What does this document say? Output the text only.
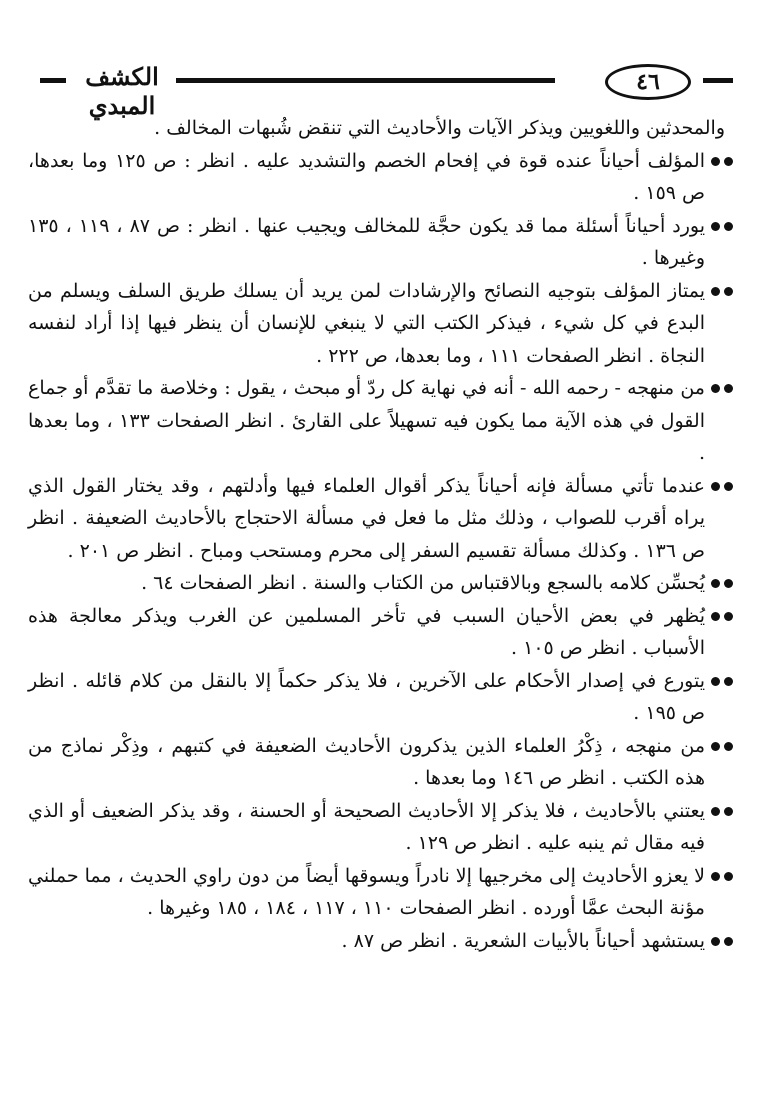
الكشف المبدي
٤٦

والمحدثين واللغويين ويذكر الآيات والأحاديث التي تنقض شُبهات المخالف .

المؤلف أحياناً عنده قوة في إفحام الخصم والتشديد عليه . انظر : ص ١٢٥ وما بعدها، ص ١٥٩ .
يورد أحياناً أسئلة مما قد يكون حجَّة للمخالف ويجيب عنها . انظر : ص ٨٧ ، ١١٩ ، ١٣٥ وغيرها .
يمتاز المؤلف بتوجيه النصائح والإرشادات لمن يريد أن يسلك طريق السلف ويسلم من البدع في كل شيء ، فيذكر الكتب التي لا ينبغي للإنسان أن ينظر فيها إذا أراد لنفسه النجاة . انظر الصفحات ١١١ ، وما بعدها، ص ٢٢٢ .
من منهجه - رحمه الله - أنه في نهاية كل ردّ أو مبحث ، يقول : وخلاصة ما تقدَّم أو جماع القول في هذه الآية مما يكون فيه تسهيلاً على القارئ . انظر الصفحات ١٣٣ ، وما بعدها .
عندما تأتي مسألة فإنه أحياناً يذكر أقوال العلماء فيها وأدلتهم ، وقد يختار القول الذي يراه أقرب للصواب ، وذلك مثل ما فعل في مسألة الاحتجاج بالأحاديث الضعيفة . انظر ص ١٣٦ . وكذلك مسألة تقسيم السفر إلى محرم ومستحب ومباح . انظر ص ٢٠١ .
يُحسِّن كلامه بالسجع وبالاقتباس من الكتاب والسنة . انظر الصفحات ٦٤ .
يُظهر في بعض الأحيان السبب في تأخر المسلمين عن الغرب ويذكر معالجة هذه الأسباب . انظر ص ١٠٥ .
يتورع في إصدار الأحكام على الآخرين ، فلا يذكر حكماً إلا بالنقل من كلام قائله . انظر ص ١٩٥ .
من منهجه ، ذِكْرُ العلماء الذين يذكرون الأحاديث الضعيفة في كتبهم ، وذِكْر نماذج من هذه الكتب . انظر ص ١٤٦ وما بعدها .
يعتني بالأحاديث ، فلا يذكر إلا الأحاديث الصحيحة أو الحسنة ، وقد يذكر الضعيف أو الذي فيه مقال ثم ينبه عليه . انظر ص ١٢٩ .
لا يعزو الأحاديث إلى مخرجيها إلا نادراً ويسوقها أيضاً من دون راوي الحديث ، مما حملني مؤنة البحث عمَّا أورده . انظر الصفحات ١١٠ ، ١١٧ ، ١٨٤ ، ١٨٥ وغيرها .
يستشهد أحياناً بالأبيات الشعرية . انظر ص ٨٧ .
